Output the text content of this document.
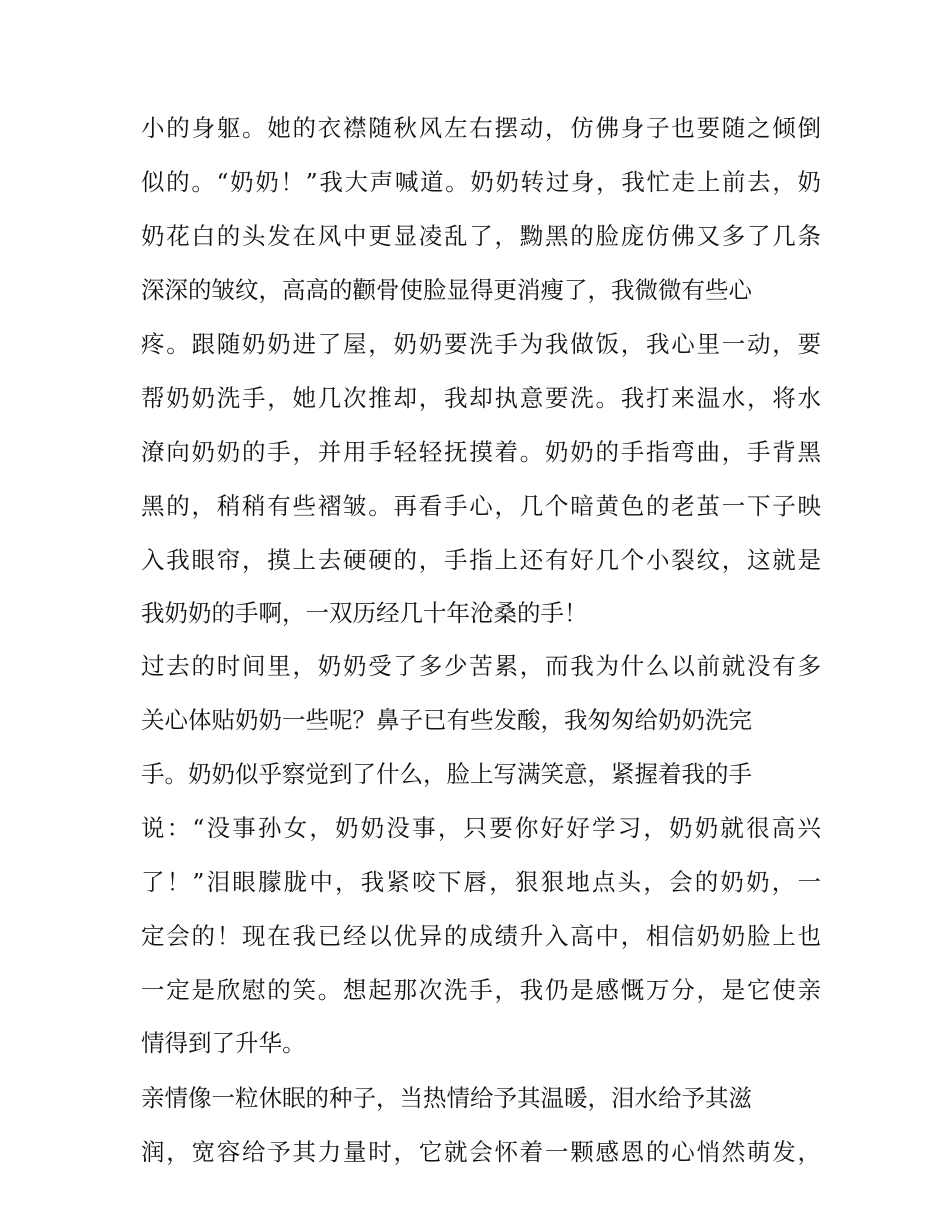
小的身躯。她的衣襟随秋风左右摆动，仿佛身子也要随之倾倒
似的。“奶奶！”我大声喊道。奶奶转过身，我忙走上前去，奶
奶花白的头发在风中更显凌乱了，黝黑的脸庞仿佛又多了几条
深深的皱纹，高高的颧骨使脸显得更消瘦了，我微微有些心
疼。跟随奶奶进了屋，奶奶要洗手为我做饭，我心里一动，要
帮奶奶洗手，她几次推却，我却执意要洗。我打来温水，将水
潦向奶奶的手，并用手轻轻抚摸着。奶奶的手指弯曲，手背黑
黑的，稍稍有些褶皱。再看手心，几个暗黄色的老茧一下子映
入我眼帘，摸上去硬硬的，手指上还有好几个小裂纹，这就是
我奶奶的手啊，一双历经几十年沧桑的手！
过去的时间里，奶奶受了多少苦累，而我为什么以前就没有多
关心体贴奶奶一些呢？鼻子已有些发酸，我匆匆给奶奶洗完
手。奶奶似乎察觉到了什么，脸上写满笑意，紧握着我的手
说：“没事孙女，奶奶没事，只要你好好学习，奶奶就很高兴
了！”泪眼朦胧中，我紧咬下唇，狠狠地点头，会的奶奶，一
定会的！现在我已经以优异的成绩升入高中，相信奶奶脸上也
一定是欣慰的笑。想起那次洗手，我仍是感慨万分，是它使亲
情得到了升华。
亲情像一粒休眠的种子，当热情给予其温暖，泪水给予其滋
润，宽容给予其力量时，它就会怀着一颗感恩的心悄然萌发，
